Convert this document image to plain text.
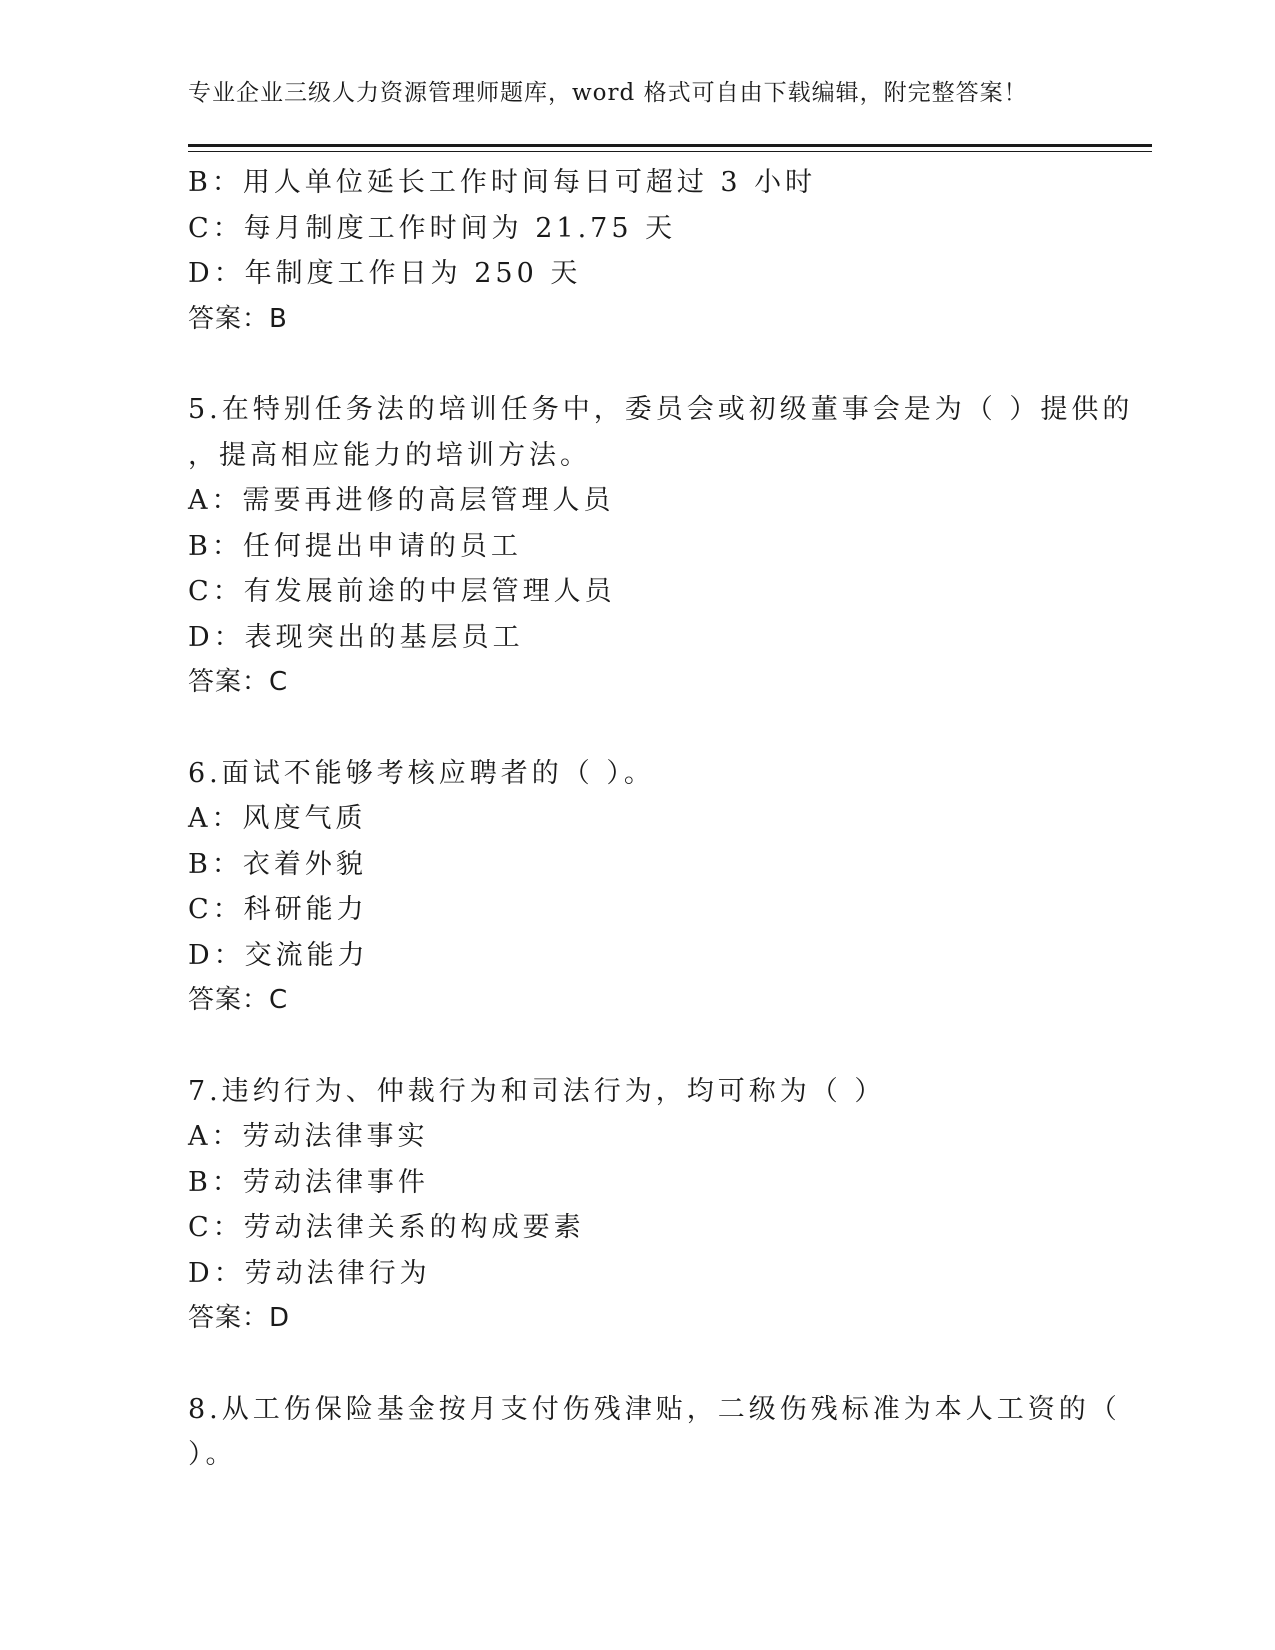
专业企业三级人力资源管理师题库，word 格式可自由下载编辑，附完整答案！
B：用人单位延长工作时间每日可超过 3 小时
C：每月制度工作时间为 21.75 天
D：年制度工作日为 250 天
答案：B
5.在特别任务法的培训任务中，委员会或初级董事会是为（ ）提供的
，提高相应能力的培训方法。
A：需要再进修的高层管理人员
B：任何提出申请的员工
C：有发展前途的中层管理人员
D：表现突出的基层员工
答案：C
6.面试不能够考核应聘者的（ ）。
A：风度气质
B：衣着外貌
C：科研能力
D：交流能力
答案：C
7.违约行为、仲裁行为和司法行为，均可称为（ ）
A：劳动法律事实
B：劳动法律事件
C：劳动法律关系的构成要素
D：劳动法律行为
答案：D
8.从工伤保险基金按月支付伤残津贴，二级伤残标准为本人工资的（
）。
